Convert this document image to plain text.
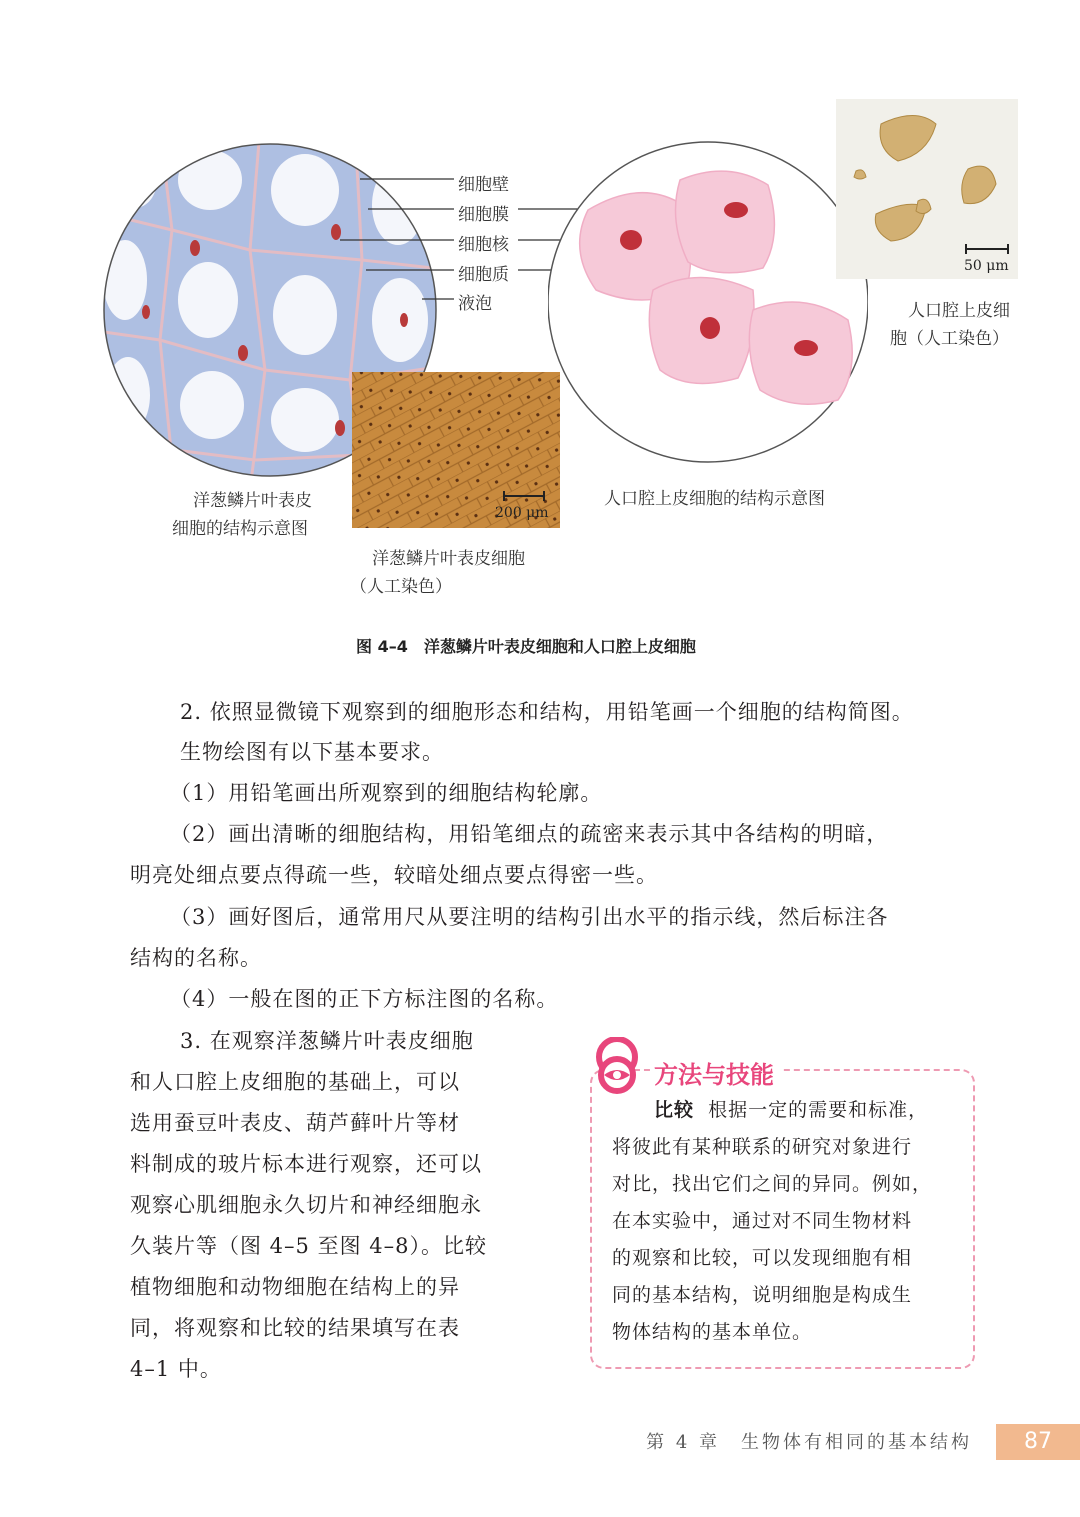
细胞壁
细胞膜
细胞核
细胞质
液泡
200 μm
50 μm
洋葱鳞片叶表皮
细胞的结构示意图
洋葱鳞片叶表皮细胞
（人工染色）
人口腔上皮细胞的结构示意图
人口腔上皮细
胞（人工染色）
图 4–4　洋葱鳞片叶表皮细胞和人口腔上皮细胞
2. 依照显微镜下观察到的细胞形态和结构，用铅笔画一个细胞的结构简图。
生物绘图有以下基本要求。
（1）用铅笔画出所观察到的细胞结构轮廓。
（2）画出清晰的细胞结构，用铅笔细点的疏密来表示其中各结构的明暗，
明亮处细点要点得疏一些，较暗处细点要点得密一些。
（3）画好图后，通常用尺从要注明的结构引出水平的指示线，然后标注各
结构的名称。
（4）一般在图的正下方标注图的名称。
3. 在观察洋葱鳞片叶表皮细胞
和人口腔上皮细胞的基础上，可以
选用蚕豆叶表皮、葫芦藓叶片等材
料制成的玻片标本进行观察，还可以
观察心肌细胞永久切片和神经细胞永
久装片等（图 4–5 至图 4–8）。比较
植物细胞和动物细胞在结构上的异
同，将观察和比较的结果填写在表
4–1 中。
方法与技能
比较 根据一定的需要和标准，
将彼此有某种联系的研究对象进行
对比，找出它们之间的异同。例如，
在本实验中，通过对不同生物材料
的观察和比较，可以发现细胞有相
同的基本结构，说明细胞是构成生
物体结构的基本单位。
第 4 章　生物体有相同的基本结构	87
